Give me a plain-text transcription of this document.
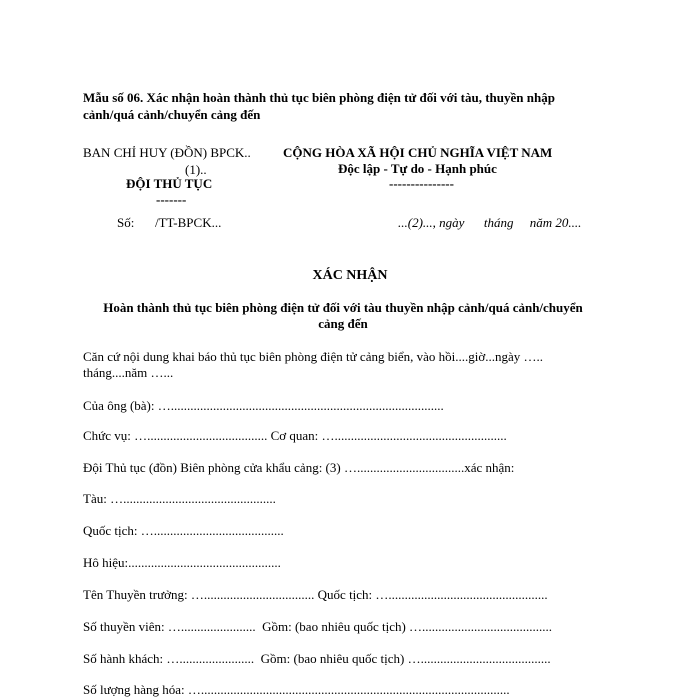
Mẫu số 06. Xác nhận hoàn thành thủ tục biên phòng điện tử đối với tàu, thuyền nhập
cảnh/quá cảnh/chuyển cảng đến
BAN CHỈ HUY (ĐỒN) BPCK..
(1)..
ĐỘI THỦ TỤC
-------
CỘNG HÒA XÃ HỘI CHỦ NGHĨA VIỆT NAM
Độc lập - Tự do - Hạnh phúc
---------------
Số: /TT-BPCK...	...(2)..., ngày      tháng     năm 20....
XÁC NHẬN
Hoàn thành thủ tục biên phòng điện tử đối với tàu thuyền nhập cảnh/quá cảnh/chuyển
cảng đến
Căn cứ nội dung khai báo thủ tục biên phòng điện tử cảng biển, vào hồi....giờ...ngày …..
tháng....năm …...
Của ông (bà): …....................................................................................
Chức vụ: …..................................... Cơ quan: ….....................................................
Đội Thủ tục (đồn) Biên phòng cửa khẩu cảng: (3) ….................................xác nhận:
Tàu: …...............................................
Quốc tịch: …........................................
Hô hiệu:...............................................
Tên Thuyền trưởng: ….................................. Quốc tịch: ….................................................
Số thuyền viên: ….......................  Gồm: (bao nhiêu quốc tịch) …........................................
Số hành khách: ….......................  Gồm: (bao nhiêu quốc tịch) …........................................
Số lượng hàng hóa: …...............................................................................................
